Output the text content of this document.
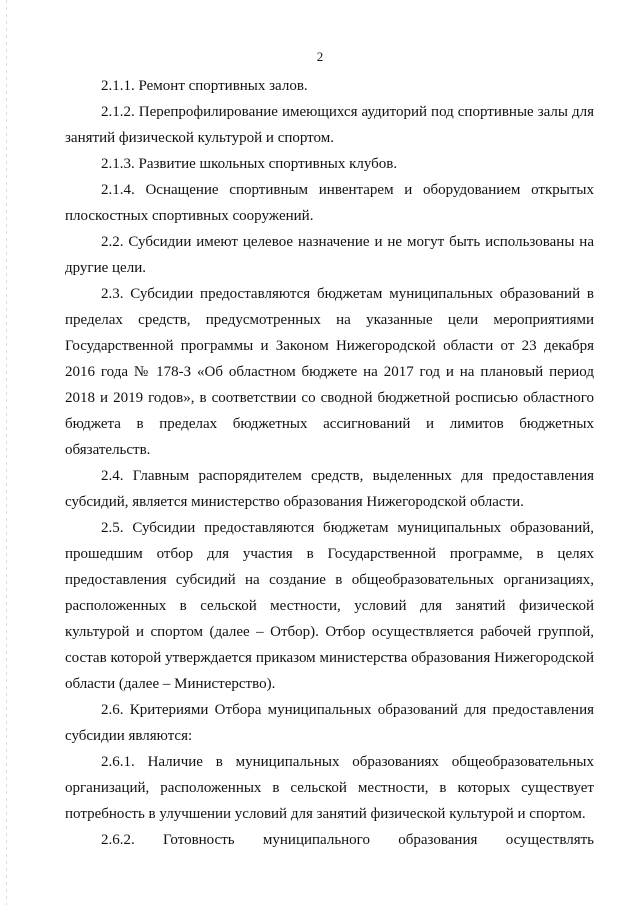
2

2.1.1. Ремонт спортивных залов.

2.1.2. Перепрофилирование имеющихся аудиторий под спортивные залы для занятий физической культурой и спортом.

2.1.3. Развитие школьных спортивных клубов.

2.1.4. Оснащение спортивным инвентарем и оборудованием открытых плоскостных спортивных сооружений.

2.2. Субсидии имеют целевое назначение и не могут быть использованы на другие цели.

2.3. Субсидии предоставляются бюджетам муниципальных образований в пределах средств, предусмотренных на указанные цели мероприятиями Государственной программы и Законом Нижегородской области от 23 декабря 2016 года № 178-З «Об областном бюджете на 2017 год и на плановый период 2018 и 2019 годов», в соответствии со сводной бюджетной росписью областного бюджета в пределах бюджетных ассигнований и лимитов бюджетных обязательств.

2.4. Главным распорядителем средств, выделенных для предоставления субсидий, является министерство образования Нижегородской области.

2.5. Субсидии предоставляются бюджетам муниципальных образований, прошедшим отбор для участия в Государственной программе, в целях предоставления субсидий на создание в общеобразовательных организациях, расположенных в сельской местности, условий для занятий физической культурой и спортом (далее – Отбор). Отбор осуществляется рабочей группой, состав которой утверждается приказом министерства образования Нижегородской области (далее – Министерство).

2.6. Критериями Отбора муниципальных образований для предоставления субсидии являются:

2.6.1. Наличие в муниципальных образованиях общеобразовательных организаций, расположенных в сельской местности, в которых существует потребность в улучшении условий для занятий физической культурой и спортом.

2.6.2. Готовность муниципального образования осуществлять
